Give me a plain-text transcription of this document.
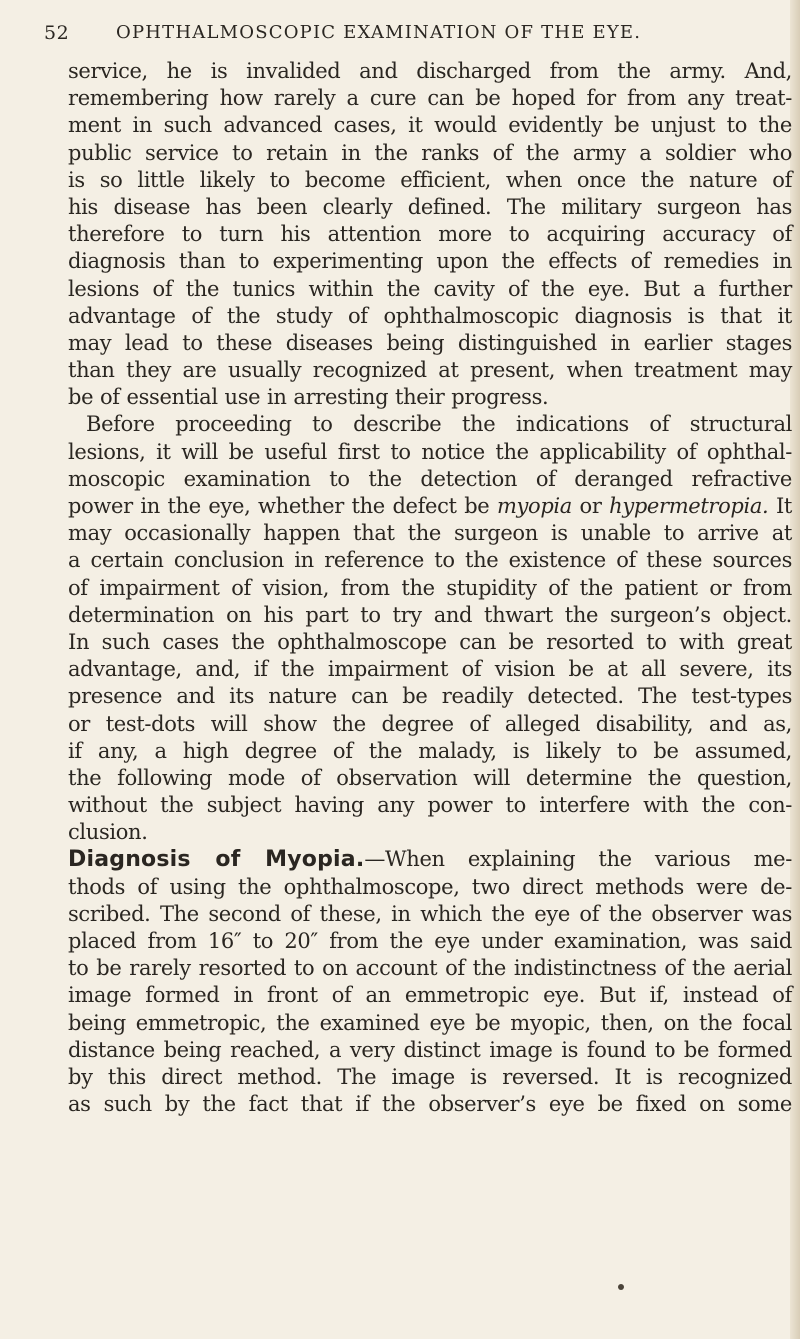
52	OPHTHALMOSCOPIC EXAMINATION OF THE EYE.
service, he is invalided and discharged from the army. And,
remembering how rarely a cure can be hoped for from any treat-
ment in such advanced cases, it would evidently be unjust to the
public service to retain in the ranks of the army a soldier who
is so little likely to become efficient, when once the nature of
his disease has been clearly defined. The military surgeon has
therefore to turn his attention more to acquiring accuracy of
diagnosis than to experimenting upon the effects of remedies in
lesions of the tunics within the cavity of the eye. But a further
advantage of the study of ophthalmoscopic diagnosis is that it
may lead to these diseases being distinguished in earlier stages
than they are usually recognized at present, when treatment may
be of essential use in arresting their progress.
Before proceeding to describe the indications of structural
lesions, it will be useful first to notice the applicability of ophthal-
moscopic examination to the detection of deranged refractive
power in the eye, whether the defect be myopia or hypermetropia. It
may occasionally happen that the surgeon is unable to arrive at
a certain conclusion in reference to the existence of these sources
of impairment of vision, from the stupidity of the patient or from
determination on his part to try and thwart the surgeon’s object.
In such cases the ophthalmoscope can be resorted to with great
advantage, and, if the impairment of vision be at all severe, its
presence and its nature can be readily detected. The test-types
or test-dots will show the degree of alleged disability, and as,
if any, a high degree of the malady, is likely to be assumed,
the following mode of observation will determine the question,
without the subject having any power to interfere with the con-
clusion.
Diagnosis of Myopia.—When explaining the various me-
thods of using the ophthalmoscope, two direct methods were de-
scribed. The second of these, in which the eye of the observer was
placed from 16″ to 20″ from the eye under examination, was said
to be rarely resorted to on account of the indistinctness of the aerial
image formed in front of an emmetropic eye. But if, instead of
being emmetropic, the examined eye be myopic, then, on the focal
distance being reached, a very distinct image is found to be formed
by this direct method. The image is reversed. It is recognized
as such by the fact that if the observer’s eye be fixed on some
